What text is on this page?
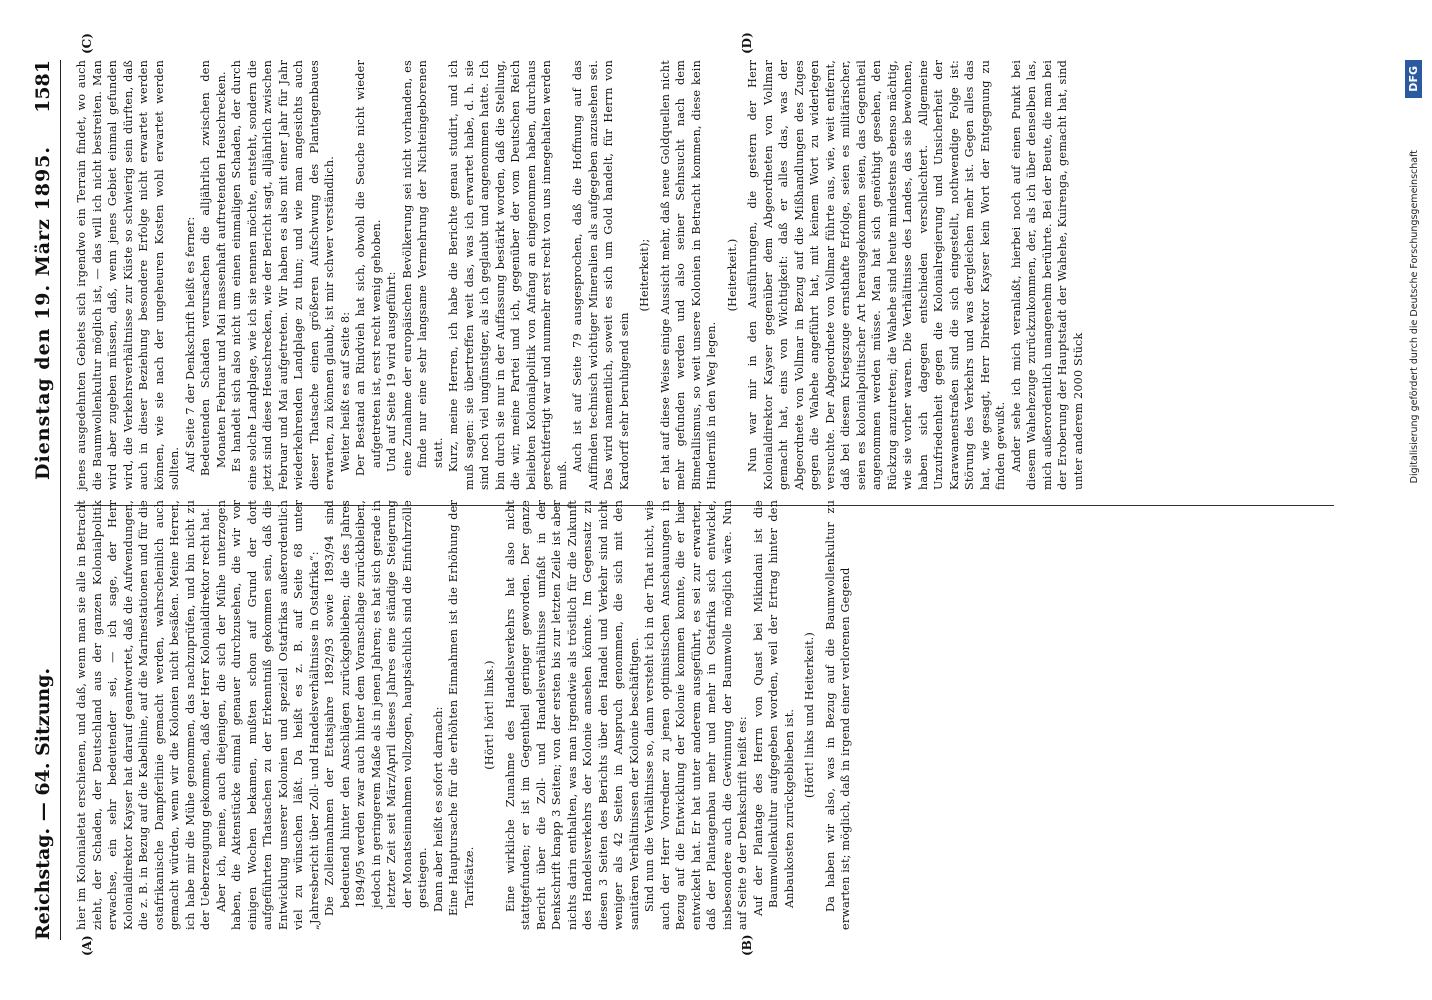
Reichstag. — 64. Sitzung.
Dienstag den 19. März 1895.
1581
(A)	(B)
(C)	(D)

hier im Kolonialetat erschienen, und daß, wenn man sie alle in Betracht zieht, der Schaden, der Deutschland aus der ganzen Kolonialpolitik erwachse, ein sehr bedeutender sei, — ich sage, der Herr Kolonialdirektor Kayser hat darauf geantwortet, daß die Aufwendungen, die z. B. in Bezug auf die Kabellinie, auf die Marinestationen und für die ostafrikanische Dampferlinie gemacht werden, wahrscheinlich auch gemacht würden, wenn wir die Kolonien nicht besäßen. Meine Herren, ich habe mir die Mühe genommen, das nachzuprüfen, und bin nicht zu der Ueberzeugung gekommen, daß der Herr Kolonialdirektor recht hat. Aber ich, meine, auch diejenigen, die sich der Mühe unterzogen haben, die Aktenstücke einmal genauer durchzusehen, die wir vor einigen Wochen bekamen, mußten schon auf Grund der dort aufgeführten Thatsachen zu der Erkenntniß gekommen sein, daß die Entwicklung unserer Kolonien und speziell Ostafrikas außerordentlich viel zu wünschen läßt. Da heißt es z. B. auf Seite 68 unter „Jahresbericht über Zoll- und Handelsverhältnisse in Ostafrika“: Die Zolleinnahmen der Etatsjahre 1892/93 sowie 1893/94 sind bedeutend hinter den Anschlägen zurückgeblieben; die des Jahres 1894/95 werden zwar auch hinter dem Voranschlage zurückbleiben, jedoch in geringerem Maße als in jenen Jahren; es hat sich gerade in letzter Zeit seit März/April dieses Jahres eine ständige Steigerung der Monatseinnahmen vollzogen, hauptsächlich sind die Einfuhrzölle gestiegen. Dann aber heißt es sofort darnach: Eine Hauptursache für die erhöhten Einnahmen ist die Erhöhung der Tarifsätze.

(Hört! hört! links.) Eine wirkliche Zunahme des Handelsverkehrs hat also nicht stattgefunden; er ist im Gegentheil geringer geworden. Der ganze Bericht über die Zoll- und Handelsverhältnisse umfaßt in der Denkschrift knapp 3 Seiten; von der ersten bis zur letzten Zeile ist aber nichts darin enthalten, was man irgendwie als tröstlich für die Zukunft des Handelsverkehrs der Kolonie ansehen könnte. Im Gegensatz zu diesen 3 Seiten des Berichts über den Handel und Verkehr sind nicht weniger als 42 Seiten in Anspruch genommen, die sich mit den sanitären Verhältnissen der Kolonie beschäftigen. Sind nun die Verhältnisse so, dann versteht ich in der That nicht, wie auch der Herr Vorredner zu jenen optimistischen Anschauungen in Bezug auf die Entwicklung der Kolonie kommen konnte, die er hier entwickelt hat. Er hat unter anderem ausgeführt, es sei zur erwarten, daß der Plantagenbau mehr und mehr in Ostafrika sich entwickle, insbesondere auch die Gewinnung der Baumwolle möglich wäre. Nun auf Seite 9 der Denkschrift heißt es: Auf der Plantage des Herrn von Quast bei Mikindani ist die Baumwollenkultur aufgegeben worden, weil der Ertrag hinter den Anbaukosten zurückgeblieben ist. (Hört! links und Heiterkeit.) Da haben wir also, was in Bezug auf die Baumwollenkultur zu erwarten ist; möglich, daß in irgend einer verlorenen Gegend

jenes ausgedehnten Gebiets sich irgendwo ein Terrain findet, wo auch die Baumwollenkultur möglich ist, — das will ich nicht bestreiten. Man wird aber zugeben müssen, daß, wenn jenes Gebiet einmal gefunden wird, die Verkehrsverhältnisse zur Küste so schwierig sein dürften, daß auch in dieser Beziehung besondere Erfolge nicht erwartet werden können, wie sie nach der ungeheuren Kosten wohl erwartet werden sollten. Auf Seite 7 der Denkschrift heißt es ferner: Bedeutenden Schaden verursachen die alljährlich zwischen den Monaten Februar und Mai massenhaft auftretenden Heuschrecken. Es handelt sich also nicht um einen einmaligen Schaden, der durch eine solche Landplage, wie ich sie nennen möchte, entsteht, sondern die jetzt sind diese Heuschrecken, wie der Bericht sagt, alljährlich zwischen Februar und Mai aufgetreten. Wir haben es also mit einer Jahr für Jahr wiederkehrenden Landplage zu thun; und wie man angesichts auch dieser Thatsache einen größeren Aufschwung des Plantagenbaues erwarten, zu können glaubt, ist mir schwer verständlich. Weiter heißt es auf Seite 8: Der Bestand an Rindvieh hat sich, obwohl die Seuche nicht wieder aufgetreten ist, erst recht wenig gehoben. Und auf Seite 19 wird ausgeführt: eine Zunahme der europäischen Bevölkerung sei nicht vorhanden, es finde nur eine sehr langsame Vermehrung der Nichteingeborenen statt. Kurz, meine Herren, ich habe die Berichte genau studirt, und ich muß sagen: sie übertreffen weit das, was ich erwartet habe, d. h. sie sind noch viel ungünstiger, als ich geglaubt und angenommen hatte. Ich bin durch sie nur in der Auffassung bestärkt worden, daß die Stellung, die wir, meine Partei und ich, gegenüber der vom Deutschen Reich beliebten Kolonialpolitik von Anfang an eingenommen haben, durchaus gerechtfertigt war und nunmehr erst recht von uns innegehalten werden muß.

Auch ist auf Seite 79 ausgesprochen, daß die Hoffnung auf das Auffinden technisch wichtiger Mineralien als aufgegeben anzusehen sei. Das wird namentlich, soweit es sich um Gold handelt, für Herrn von Kardorff sehr beruhigend sein

(Heiterkeit); er hat auf diese Weise einige Aussicht mehr, daß neue Goldquellen nicht mehr gefunden werden und also seiner Sehnsucht nach dem Bimetallismus, so weit unsere Kolonien in Betracht kommen, diese kein Hinderniß in den Weg legen.

(Heiterkeit.) Nun war mir in den Ausführungen, die gestern der Herr Kolonialdirektor Kayser gegenüber dem Abgeordneten von Vollmar gemacht hat, eins von Wichtigkeit: daß er alles das, was der Abgeordnete von Vollmar in Bezug auf die Mißhandlungen des Zuges gegen die Wahehe angeführt hat, mit keinem Wort zu widerlegen versuchte. Der Abgeordnete von Vollmar führte aus, wie, weit entfernt, daß bei diesem Kriegszuge ernsthafte Erfolge, seien es militärischer, seien es kolonialpolitischer Art herausgekommen seien, das Gegentheil angenommen werden müsse. Man hat sich genöthigt gesehen, den Rückzug anzutreten; die Wahehe sind heute mindestens ebenso mächtig, wie sie vorher waren. Die Verhältnisse des Landes, das sie bewohnen, haben sich dagegen entschieden verschlechtert. Allgemeine Unzufriedenheit gegen die Kolonialregierung und Unsicherheit der Karawanenstraßen sind die sich eingestellt, nothwendige Folge ist: Störung des Verkehrs und was dergleichen mehr ist. Gegen alles das hat, wie gesagt, Herr Direktor Kayser kein Wort der Entgegnung zu finden gewußt. Ander sehe ich mich veranlaßt, hierbei noch auf einen Punkt bei diesem Wahehezuge zurückzukommen, der, als ich über denselben las, mich außerordentlich unangenehm berührte. Bei der Beute, die man bei der Eroberung der Hauptstadt der Wahehe, Kuirenga, gemacht hat, sind unter anderem 2000 Stück	Digitalisierung gefördert durch die Deutsche Forschungsgemeinschaft
DFG
